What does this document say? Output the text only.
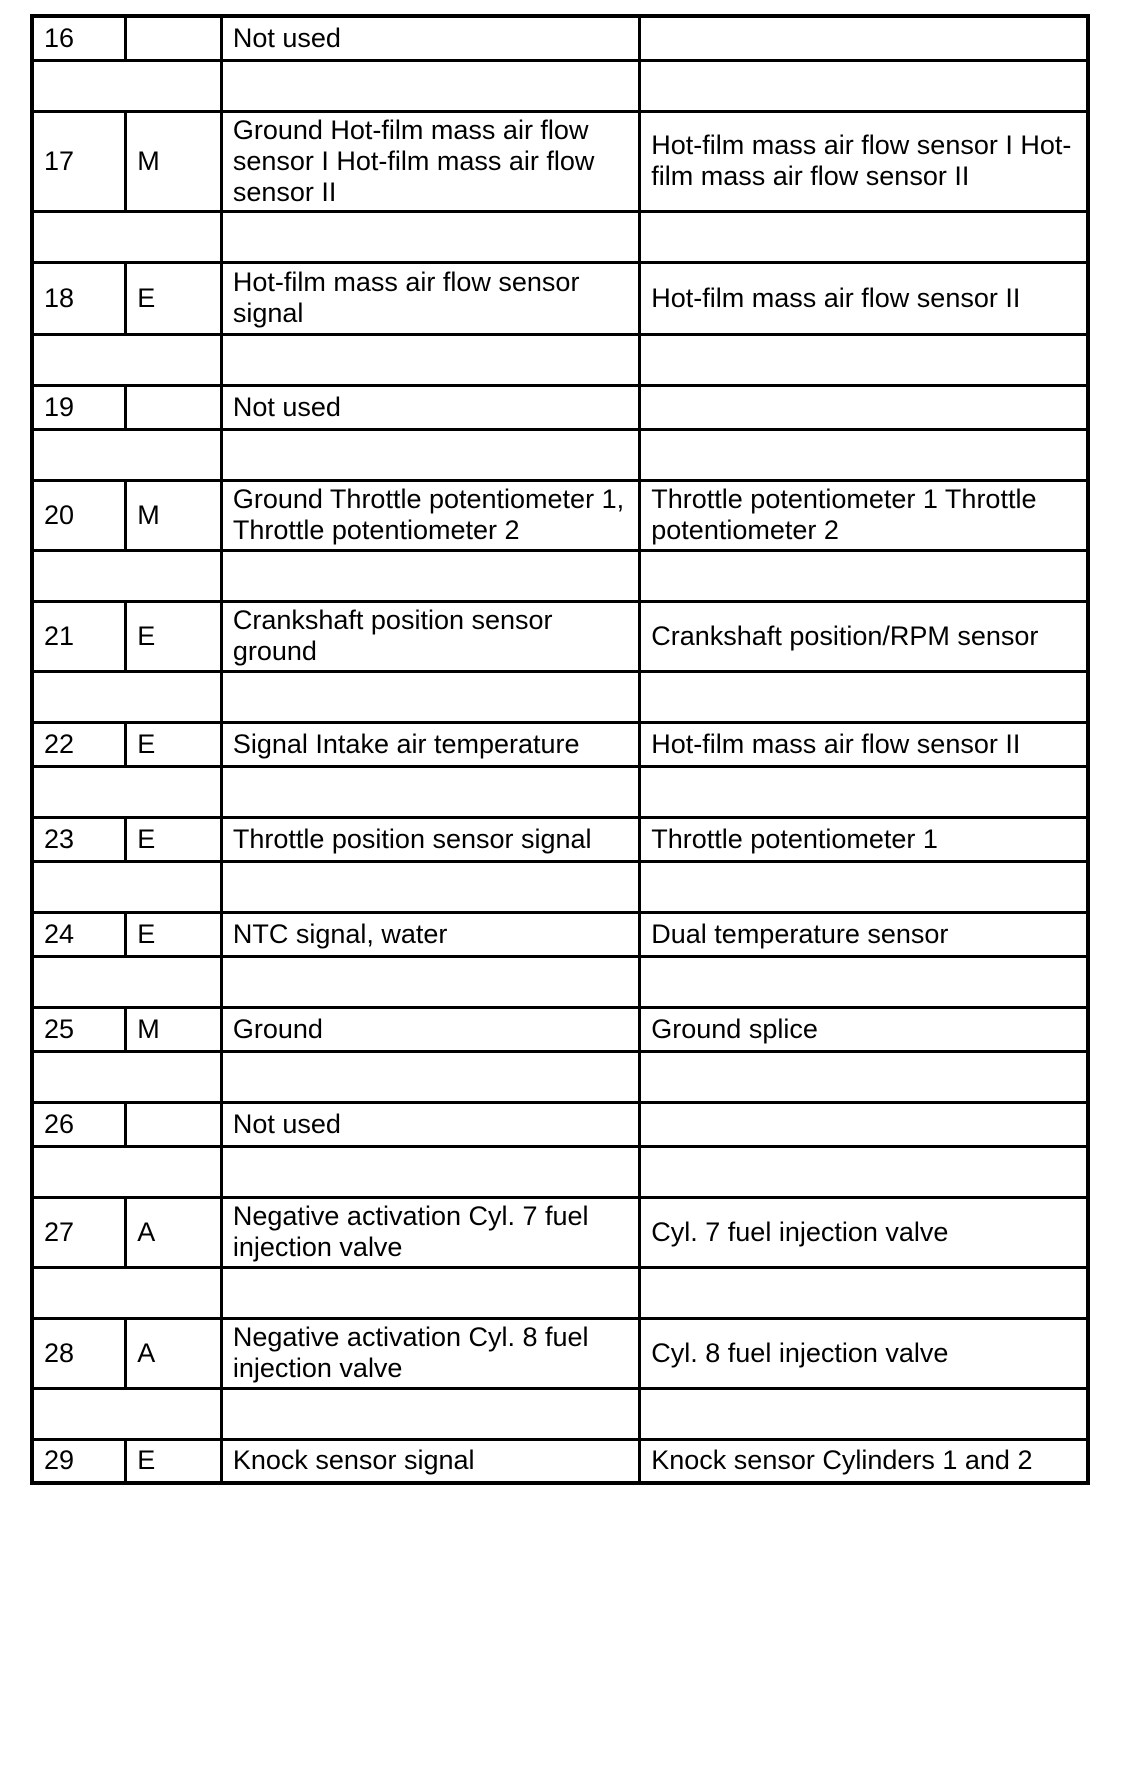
16		Not used	

17	M	Ground Hot-film mass air flow sensor I Hot-film mass air flow sensor II	Hot-film mass air flow sensor I Hot-film mass air flow sensor II

18	E	Hot-film mass air flow sensor signal	Hot-film mass air flow sensor II

19		Not used	

20	M	Ground Throttle potentiometer 1, Throttle potentiometer 2	Throttle potentiometer 1 Throttle potentiometer 2

21	E	Crankshaft position sensor ground	Crankshaft position/RPM sensor

22	E	Signal Intake air temperature	Hot-film mass air flow sensor II

23	E	Throttle position sensor signal	Throttle potentiometer 1

24	E	NTC signal, water	Dual temperature sensor

25	M	Ground	Ground splice

26		Not used	

27	A	Negative activation Cyl. 7 fuel injection valve	Cyl. 7 fuel injection valve

28	A	Negative activation Cyl. 8 fuel injection valve	Cyl. 8 fuel injection valve

29	E	Knock sensor signal	Knock sensor Cylinders 1 and 2
